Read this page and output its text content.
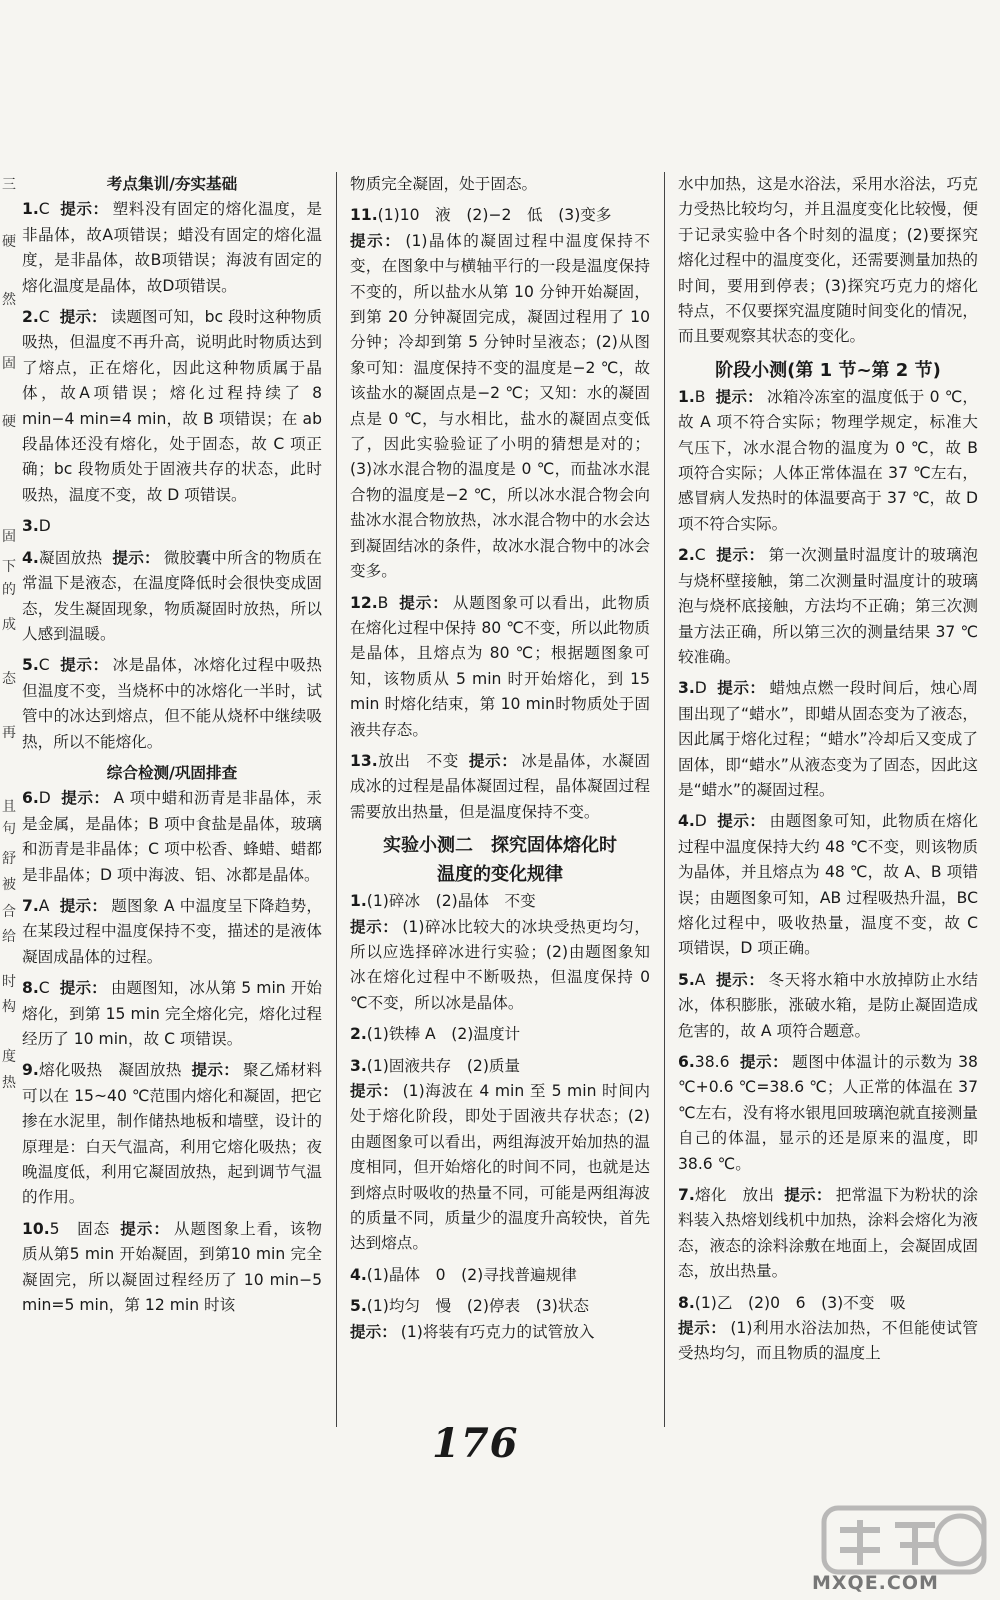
三
硬
然
固
硬
固
下
的
成
态
再
且
句
舒
被
合
给
时
构
度
热
考点集训/夯实基础
1.C 提示： 塑料没有固定的熔化温度，是非晶体，故A项错误；蜡没有固定的熔化温度，是非晶体，故B项错误；海波有固定的熔化温度是晶体，故D项错误。
2.C 提示： 读题图可知，bc 段时这种物质吸热，但温度不再升高，说明此时物质达到了熔点，正在熔化，因此这种物质属于晶体，故A项错误；熔化过程持续了 8 min−4 min=4 min，故 B 项错误；在 ab 段晶体还没有熔化，处于固态，故 C 项正确；bc 段物质处于固液共存的状态，此时吸热，温度不变，故 D 项错误。
3.D
4.凝固放热 提示： 微胶囊中所含的物质在常温下是液态，在温度降低时会很快变成固态，发生凝固现象，物质凝固时放热，所以人感到温暖。
5.C 提示： 冰是晶体，冰熔化过程中吸热但温度不变，当烧杯中的冰熔化一半时，试管中的冰达到熔点，但不能从烧杯中继续吸热，所以不能熔化。
综合检测/巩固排查
6.D 提示： A 项中蜡和沥青是非晶体，汞是金属，是晶体；B 项中食盐是晶体，玻璃和沥青是非晶体；C 项中松香、蜂蜡、蜡都是非晶体；D 项中海波、铝、冰都是晶体。
7.A 提示： 题图象 A 中温度呈下降趋势，在某段过程中温度保持不变，描述的是液体凝固成晶体的过程。
8.C 提示： 由题图知，冰从第 5 min 开始熔化，到第 15 min 完全熔化完，熔化过程经历了 10 min，故 C 项错误。
9.熔化吸热　凝固放热 提示： 聚乙烯材料可以在 15~40 ℃范围内熔化和凝固，把它掺在水泥里，制作储热地板和墙壁，设计的原理是：白天气温高，利用它熔化吸热；夜晚温度低，利用它凝固放热，起到调节气温的作用。
10.5　固态 提示： 从题图象上看，该物质从第5 min 开始凝固，到第10 min 完全凝固完，所以凝固过程经历了 10 min−5 min=5 min，第 12 min 时该
物质完全凝固，处于固态。
11.(1)10　液　(2)−2　低　(3)变多
提示： (1)晶体的凝固过程中温度保持不变，在图象中与横轴平行的一段是温度保持不变的，所以盐水从第 10 分钟开始凝固，到第 20 分钟凝固完成，凝固过程用了 10 分钟；冷却到第 5 分钟时呈液态；(2)从图象可知：温度保持不变的温度是−2 ℃，故该盐水的凝固点是−2 ℃；又知：水的凝固点是 0 ℃，与水相比，盐水的凝固点变低了，因此实验验证了小明的猜想是对的；(3)冰水混合物的温度是 0 ℃，而盐冰水混合物的温度是−2 ℃，所以冰水混合物会向盐冰水混合物放热，冰水混合物中的水会达到凝固结冰的条件，故冰水混合物中的冰会变多。
12.B 提示： 从题图象可以看出，此物质在熔化过程中保持 80 ℃不变，所以此物质是晶体，且熔点为 80 ℃；根据题图象可知，该物质从 5 min 时开始熔化，到 15 min 时熔化结束，第 10 min时物质处于固液共存态。
13.放出　不变 提示： 冰是晶体，水凝固成冰的过程是晶体凝固过程，晶体凝固过程需要放出热量，但是温度保持不变。
实验小测二　探究固体熔化时
温度的变化规律
1.(1)碎冰　(2)晶体　不变
提示： (1)碎冰比较大的冰块受热更均匀，所以应选择碎冰进行实验；(2)由题图象知冰在熔化过程中不断吸热，但温度保持 0 ℃不变，所以冰是晶体。
2.(1)铁棒 A　(2)温度计
3.(1)固液共存　(2)质量
提示： (1)海波在 4 min 至 5 min 时间内处于熔化阶段，即处于固液共存状态；(2)由题图象可以看出，两组海波开始加热的温度相同，但开始熔化的时间不同，也就是达到熔点时吸收的热量不同，可能是两组海波的质量不同，质量少的温度升高较快，首先达到熔点。
4.(1)晶体　0　(2)寻找普遍规律
5.(1)均匀　慢　(2)停表　(3)状态
提示： (1)将装有巧克力的试管放入
水中加热，这是水浴法，采用水浴法，巧克力受热比较均匀，并且温度变化比较慢，便于记录实验中各个时刻的温度；(2)要探究熔化过程中的温度变化，还需要测量加热的时间，要用到停表；(3)探究巧克力的熔化特点，不仅要探究温度随时间变化的情况，而且要观察其状态的变化。
阶段小测(第 1 节~第 2 节)
1.B 提示： 冰箱冷冻室的温度低于 0 ℃，故 A 项不符合实际；物理学规定，标准大气压下，冰水混合物的温度为 0 ℃，故 B 项符合实际；人体正常体温在 37 ℃左右，感冒病人发热时的体温要高于 37 ℃，故 D 项不符合实际。
2.C 提示： 第一次测量时温度计的玻璃泡与烧杯壁接触，第二次测量时温度计的玻璃泡与烧杯底接触，方法均不正确；第三次测量方法正确，所以第三次的测量结果 37 ℃较准确。
3.D 提示： 蜡烛点燃一段时间后，烛心周围出现了“蜡水”，即蜡从固态变为了液态，因此属于熔化过程；“蜡水”冷却后又变成了固体，即“蜡水”从液态变为了固态，因此这是“蜡水”的凝固过程。
4.D 提示： 由题图象可知，此物质在熔化过程中温度保持大约 48 ℃不变，则该物质为晶体，并且熔点为 48 ℃，故 A、B 项错误；由题图象可知，AB 过程吸热升温，BC 熔化过程中，吸收热量，温度不变，故 C 项错误，D 项正确。
5.A 提示： 冬天将水箱中水放掉防止水结冰，体积膨胀，涨破水箱，是防止凝固造成危害的，故 A 项符合题意。
6.38.6 提示： 题图中体温计的示数为 38 ℃+0.6 ℃=38.6 ℃；人正常的体温在 37 ℃左右，没有将水银甩回玻璃泡就直接测量自己的体温，显示的还是原来的温度，即 38.6 ℃。
7.熔化　放出 提示： 把常温下为粉状的涂料装入热熔划线机中加热，涂料会熔化为液态，液态的涂料涂敷在地面上，会凝固成固态，放出热量。
8.(1)乙　(2)0　6　(3)不变　吸
提示： (1)利用水浴法加热，不但能使试管受热均匀，而且物质的温度上
176
MXQE.COM
